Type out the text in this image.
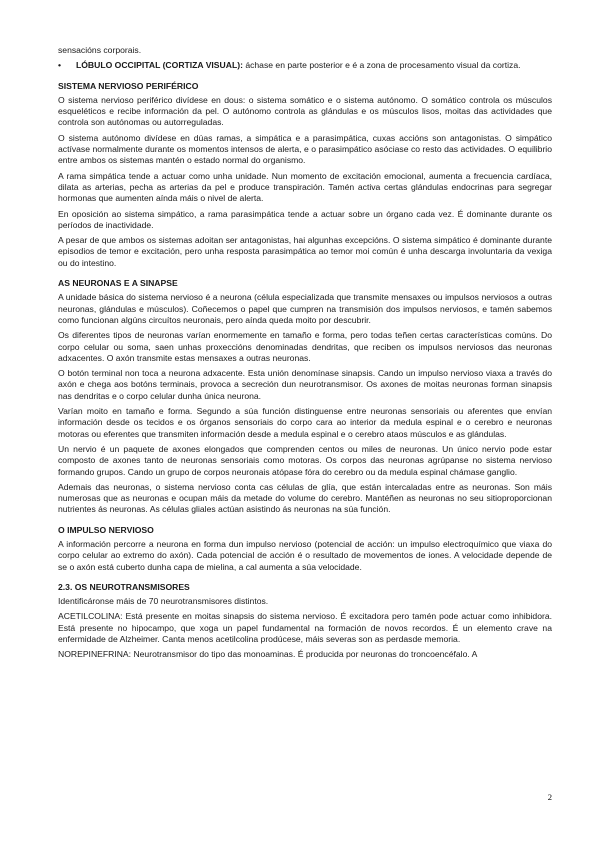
sensacións corporais.

• LÓBULO OCCIPITAL (CORTIZA VISUAL): áchase en parte posterior e é a zona de procesamento visual da cortiza.

SISTEMA NERVIOSO PERIFÉRICO

O sistema nervioso periférico divídese en dous: o sistema somático e o sistema autónomo. O somático controla os músculos esqueléticos e recibe información da pel. O autónomo controla as glándulas e os músculos lisos, moitas das actividades que controla son autónomas ou autorreguladas.

O sistema autónomo divídese en dúas ramas, a simpática e a parasimpática, cuxas accións son antagonistas. O simpático actívase normalmente durante os momentos intensos de alerta, e o parasimpático asóciase co resto das actividades. O equilibrio entre ambos os sistemas mantén o estado normal do organismo.

A rama simpática tende a actuar como unha unidade. Nun momento de excitación emocional, aumenta a frecuencia cardíaca, dilata as arterias, pecha as arterias da pel e produce transpiración. Tamén activa certas glándulas endocrinas para segregar hormonas que aumenten aínda máis o nivel de alerta.

En oposición ao sistema simpático, a rama parasimpática tende a actuar sobre un órgano cada vez. É dominante durante os períodos de inactividade.

A pesar de que ambos os sistemas adoitan ser antagonistas, hai algunhas excepcións. O sistema simpático é dominante durante episodios de temor e excitación, pero unha resposta parasimpática ao temor moi común é unha descarga involuntaria da vexiga ou do intestino.

AS NEURONAS E A SINAPSE

A unidade básica do sistema nervioso é a neurona (célula especializada que transmite mensaxes ou impulsos nerviosos a outras neuronas, glándulas e músculos). Coñecemos o papel que cumpren na transmisión dos impulsos nerviosos, e tamén sabemos como funcionan algúns circuítos neuronais, pero aínda queda moito por descubrir.

Os diferentes tipos de neuronas varían enormemente en tamaño e forma, pero todas teñen certas características comúns. Do corpo celular ou soma, saen unhas proxeccións denominadas dendritas, que reciben os impulsos nerviosos das neuronas adxacentes. O axón transmite estas mensaxes a outras neuronas.

O botón terminal non toca a neurona adxacente. Esta unión denomínase sinapsis. Cando un impulso nervioso viaxa a través do axón e chega aos botóns terminais, provoca a secreción dun neurotransmisor. Os axones de moitas neuronas forman sinapsis nas dendritas e o corpo celular dunha única neurona.

Varían moito en tamaño e forma. Segundo a súa función distinguense entre neuronas sensoriais ou aferentes que envían información desde os tecidos e os órganos sensoriais do corpo cara ao interior da medula espinal e o cerebro e neuronas motoras ou eferentes que transmiten información desde a medula espinal e o cerebro ataos músculos e as glándulas.

Un nervio é un paquete de axones elongados que comprenden centos ou miles de neuronas. Un único nervio pode estar composto de axones tanto de neuronas sensoriais como motoras. Os corpos das neuronas agrúpanse no sistema nervioso formando grupos. Cando un grupo de corpos neuronais atópase fóra do cerebro ou da medula espinal chámase ganglio.

Ademais das neuronas, o sistema nervioso conta cas células de glía, que están intercaladas entre as neuronas. Son máis numerosas que as neuronas e ocupan máis da metade do volume do cerebro. Mantéñen as neuronas no seu sitioproporcionan nutrientes ás neuronas. As células gliales actúan asistindo ás neuronas na súa función.

O IMPULSO NERVIOSO

A información percorre a neurona en forma dun impulso nervioso (potencial de acción: un impulso electroquímico que viaxa do corpo celular ao extremo do axón). Cada potencial de acción é o resultado de movementos de iones. A velocidade depende de se o axón está cuberto dunha capa de mielina, a cal aumenta a súa velocidade.

2.3. OS NEUROTRANSMISORES

Identificáronse máis de 70 neurotransmisores distintos.

ACETILCOLINA: Está presente en moitas sinapsis do sistema nervioso. É excitadora pero tamén pode actuar como inhibidora. Está presente no hipocampo, que xoga un papel fundamental na formación de novos recordos. É un elemento crave na enfermidade de Alzheimer. Canta menos acetilcolina prodúcese, máis severas son as perdasde memoria.

NOREPINEFRINA: Neurotransmisor do tipo das monoaminas. É producida por neuronas do troncoencéfalo. A

2
